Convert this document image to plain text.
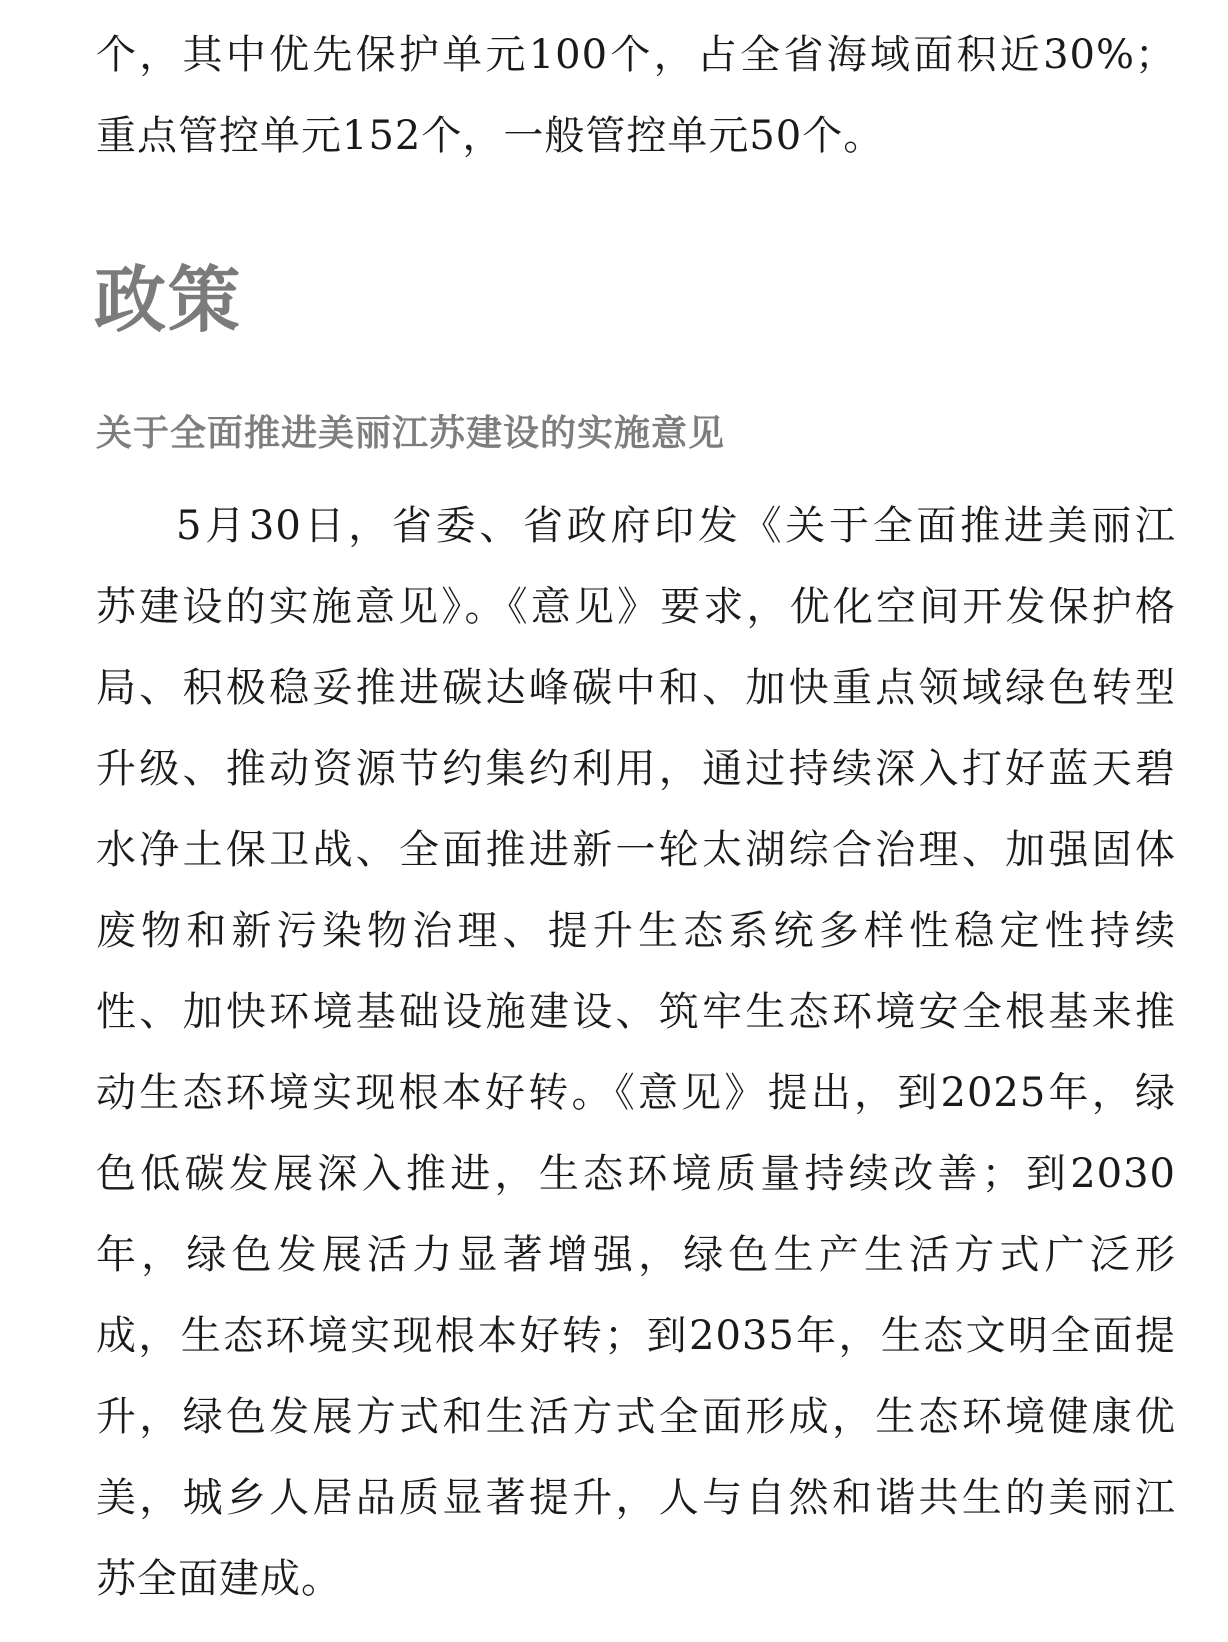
个，其中优先保护单元100个，占全省海域面积近30%；
重点管控单元152个，一般管控单元50个。
政策
关于全面推进美丽江苏建设的实施意见
5月30日，省委、省政府印发《关于全面推进美丽江
苏建设的实施意见》。《意见》要求，优化空间开发保护格
局、积极稳妥推进碳达峰碳中和、加快重点领域绿色转型
升级、推动资源节约集约利用，通过持续深入打好蓝天碧
水净土保卫战、全面推进新一轮太湖综合治理、加强固体
废物和新污染物治理、提升生态系统多样性稳定性持续
性、加快环境基础设施建设、筑牢生态环境安全根基来推
动生态环境实现根本好转。《意见》提出，到2025年，绿
色低碳发展深入推进，生态环境质量持续改善；到2030
年，绿色发展活力显著增强，绿色生产生活方式广泛形
成，生态环境实现根本好转；到2035年，生态文明全面提
升，绿色发展方式和生活方式全面形成，生态环境健康优
美，城乡人居品质显著提升，人与自然和谐共生的美丽江
苏全面建成。
